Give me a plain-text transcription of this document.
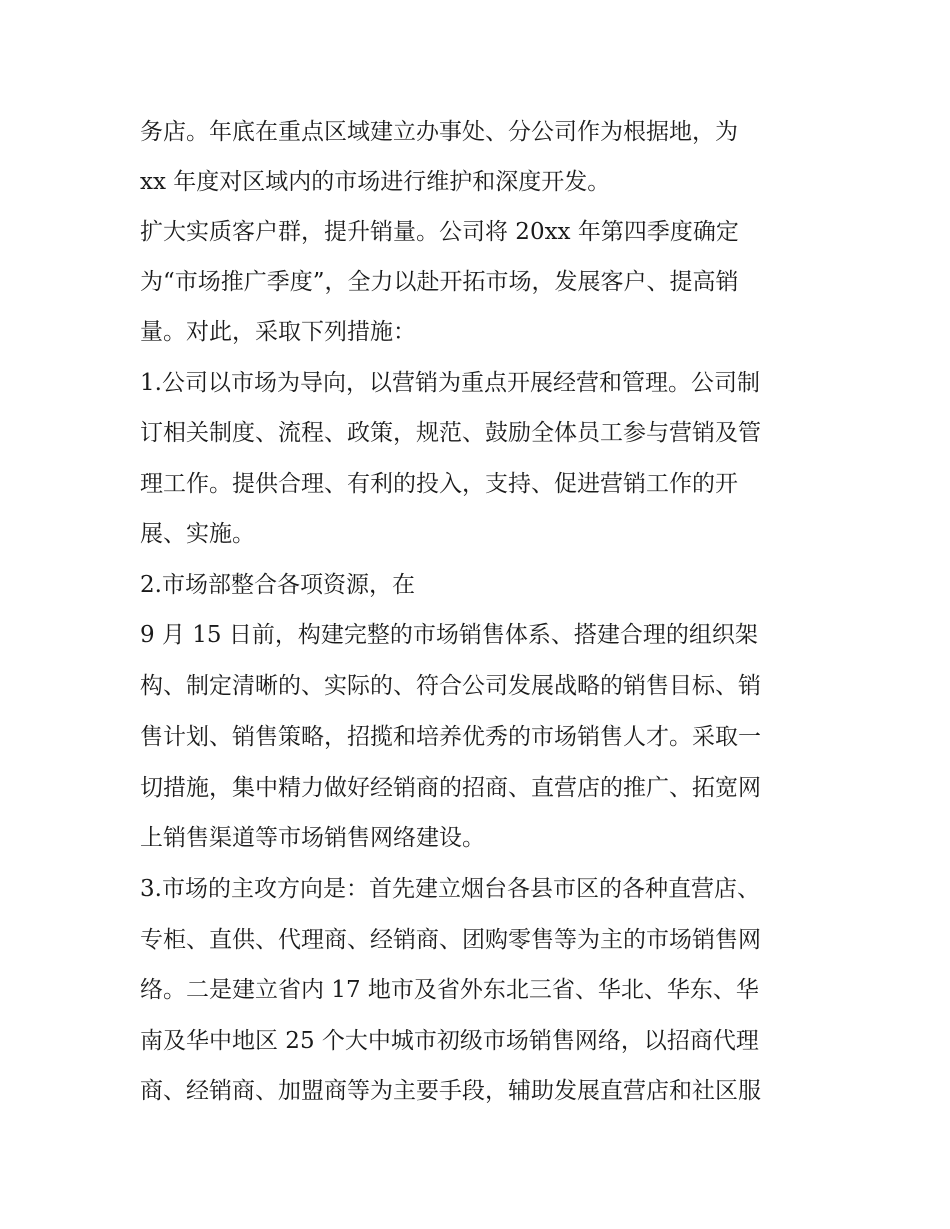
务店。年底在重点区域建立办事处、分公司作为根据地，为

xx 年度对区域内的市场进行维护和深度开发。

扩大实质客户群，提升销量。公司将 20xx 年第四季度确定

为“市场推广季度”，全力以赴开拓市场，发展客户、提高销

量。对此，采取下列措施：

1.公司以市场为导向，以营销为重点开展经营和管理。公司制

订相关制度、流程、政策，规范、鼓励全体员工参与营销及管

理工作。提供合理、有利的投入，支持、促进营销工作的开

展、实施。

2.市场部整合各项资源，在

9 月 15 日前，构建完整的市场销售体系、搭建合理的组织架

构、制定清晰的、实际的、符合公司发展战略的销售目标、销

售计划、销售策略，招揽和培养优秀的市场销售人才。采取一

切措施，集中精力做好经销商的招商、直营店的推广、拓宽网

上销售渠道等市场销售网络建设。

3.市场的主攻方向是：首先建立烟台各县市区的各种直营店、

专柜、直供、代理商、经销商、团购零售等为主的市场销售网

络。二是建立省内 17 地市及省外东北三省、华北、华东、华

南及华中地区 25 个大中城市初级市场销售网络，以招商代理

商、经销商、加盟商等为主要手段，辅助发展直营店和社区服
